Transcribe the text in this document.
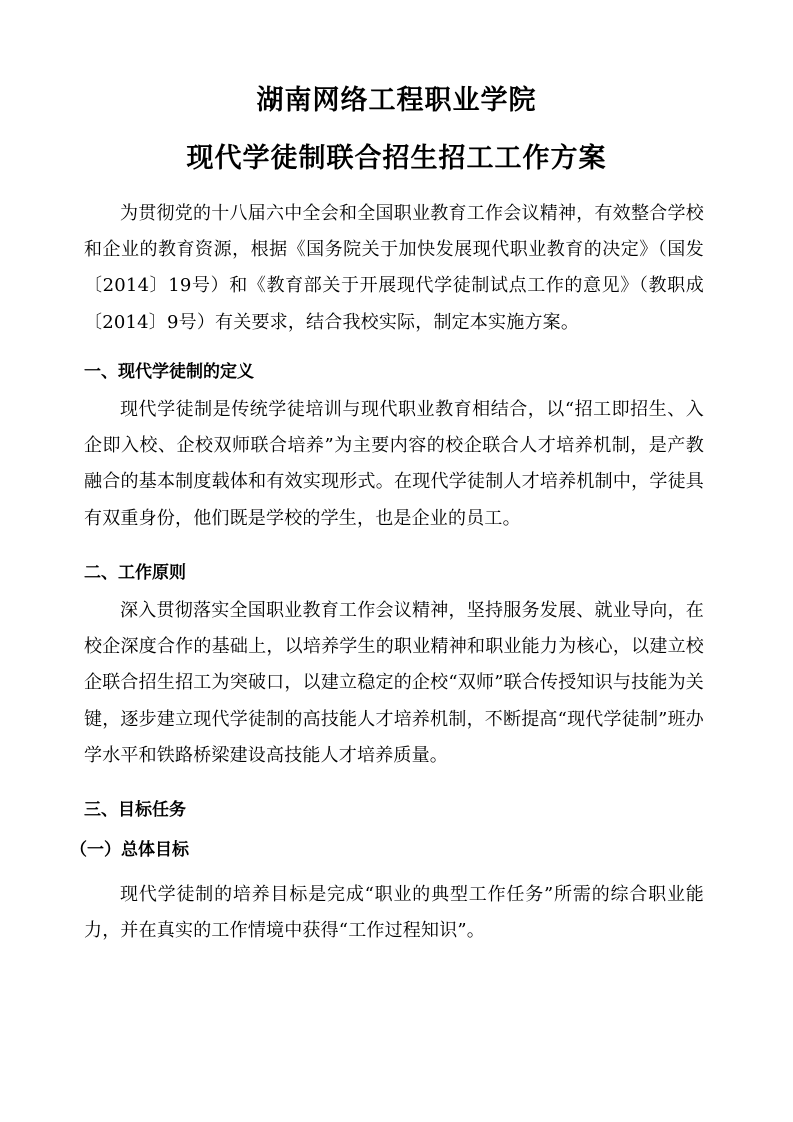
湖南网络工程职业学院
现代学徒制联合招生招工工作方案

为贯彻党的十八届六中全会和全国职业教育工作会议精神，有效整合学校和企业的教育资源，根据《国务院关于加快发展现代职业教育的决定》（国发〔2014〕19号）和《教育部关于开展现代学徒制试点工作的意见》（教职成〔2014〕9号）有关要求，结合我校实际，制定本实施方案。

一、现代学徒制的定义

现代学徒制是传统学徒培训与现代职业教育相结合，以“招工即招生、入企即入校、企校双师联合培养”为主要内容的校企联合人才培养机制，是产教融合的基本制度载体和有效实现形式。在现代学徒制人才培养机制中，学徒具有双重身份，他们既是学校的学生，也是企业的员工。

二、工作原则

深入贯彻落实全国职业教育工作会议精神，坚持服务发展、就业导向，在校企深度合作的基础上，以培养学生的职业精神和职业能力为核心，以建立校企联合招生招工为突破口，以建立稳定的企校“双师”联合传授知识与技能为关键，逐步建立现代学徒制的高技能人才培养机制，不断提高“现代学徒制”班办学水平和铁路桥梁建设高技能人才培养质量。

三、目标任务
（一）总体目标

现代学徒制的培养目标是完成“职业的典型工作任务”所需的综合职业能力，并在真实的工作情境中获得“工作过程知识”。
